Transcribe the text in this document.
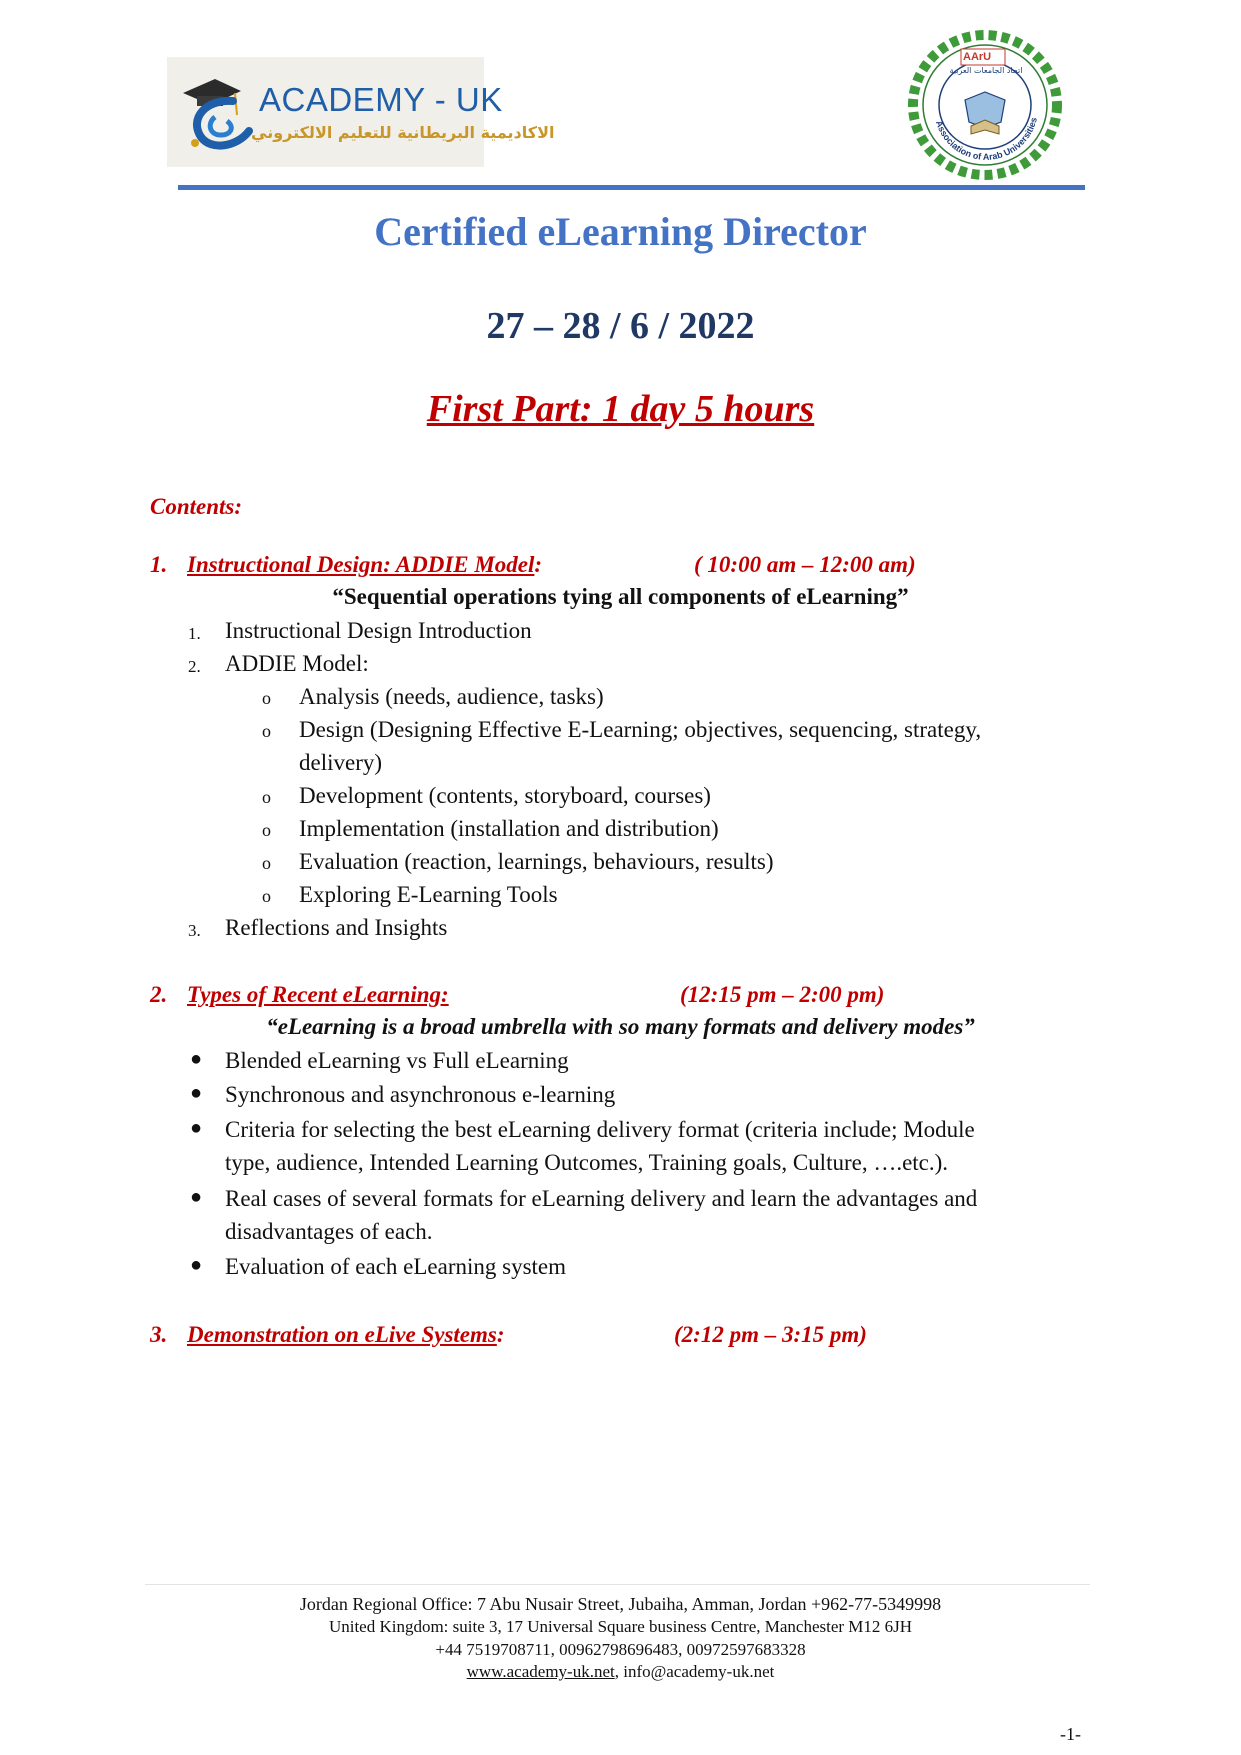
ACADEMY - UK
الاكاديمية البريطانية للتعليم الالكتروني
AArU
اتحاد الجامعات العربية
Association of Arab Universities
Certified eLearning Director
27 – 28 / 6 / 2022
First Part: 1 day 5 hours
Contents:
1. Instructional Design: ADDIE Model:	( 10:00 am – 12:00 am)
“Sequential operations tying all components of eLearning”
1. Instructional Design Introduction
2. ADDIE Model:
o Analysis (needs, audience, tasks)
o Design (Designing Effective E-Learning; objectives, sequencing, strategy,
delivery)
o Development (contents, storyboard, courses)
o Implementation (installation and distribution)
o Evaluation (reaction, learnings, behaviours, results)
o Exploring E-Learning Tools
3. Reflections and Insights
2. Types of Recent eLearning:	(12:15 pm – 2:00 pm)
“eLearning is a broad umbrella with so many formats and delivery modes”
● Blended eLearning vs Full eLearning
● Synchronous and asynchronous e-learning
● Criteria for selecting the best eLearning delivery format (criteria include; Module
type, audience, Intended Learning Outcomes, Training goals, Culture, ….etc.).
● Real cases of several formats for eLearning delivery and learn the advantages and
disadvantages of each.
● Evaluation of each eLearning system
3. Demonstration on eLive Systems:	(2:12 pm – 3:15 pm)
Jordan Regional Office: 7 Abu Nusair Street, Jubaiha, Amman, Jordan +962-77-5349998
United Kingdom: suite 3, 17 Universal Square business Centre, Manchester M12 6JH
+44 7519708711, 00962798696483, 00972597683328
www.academy-uk.net, info@academy-uk.net
-1-
